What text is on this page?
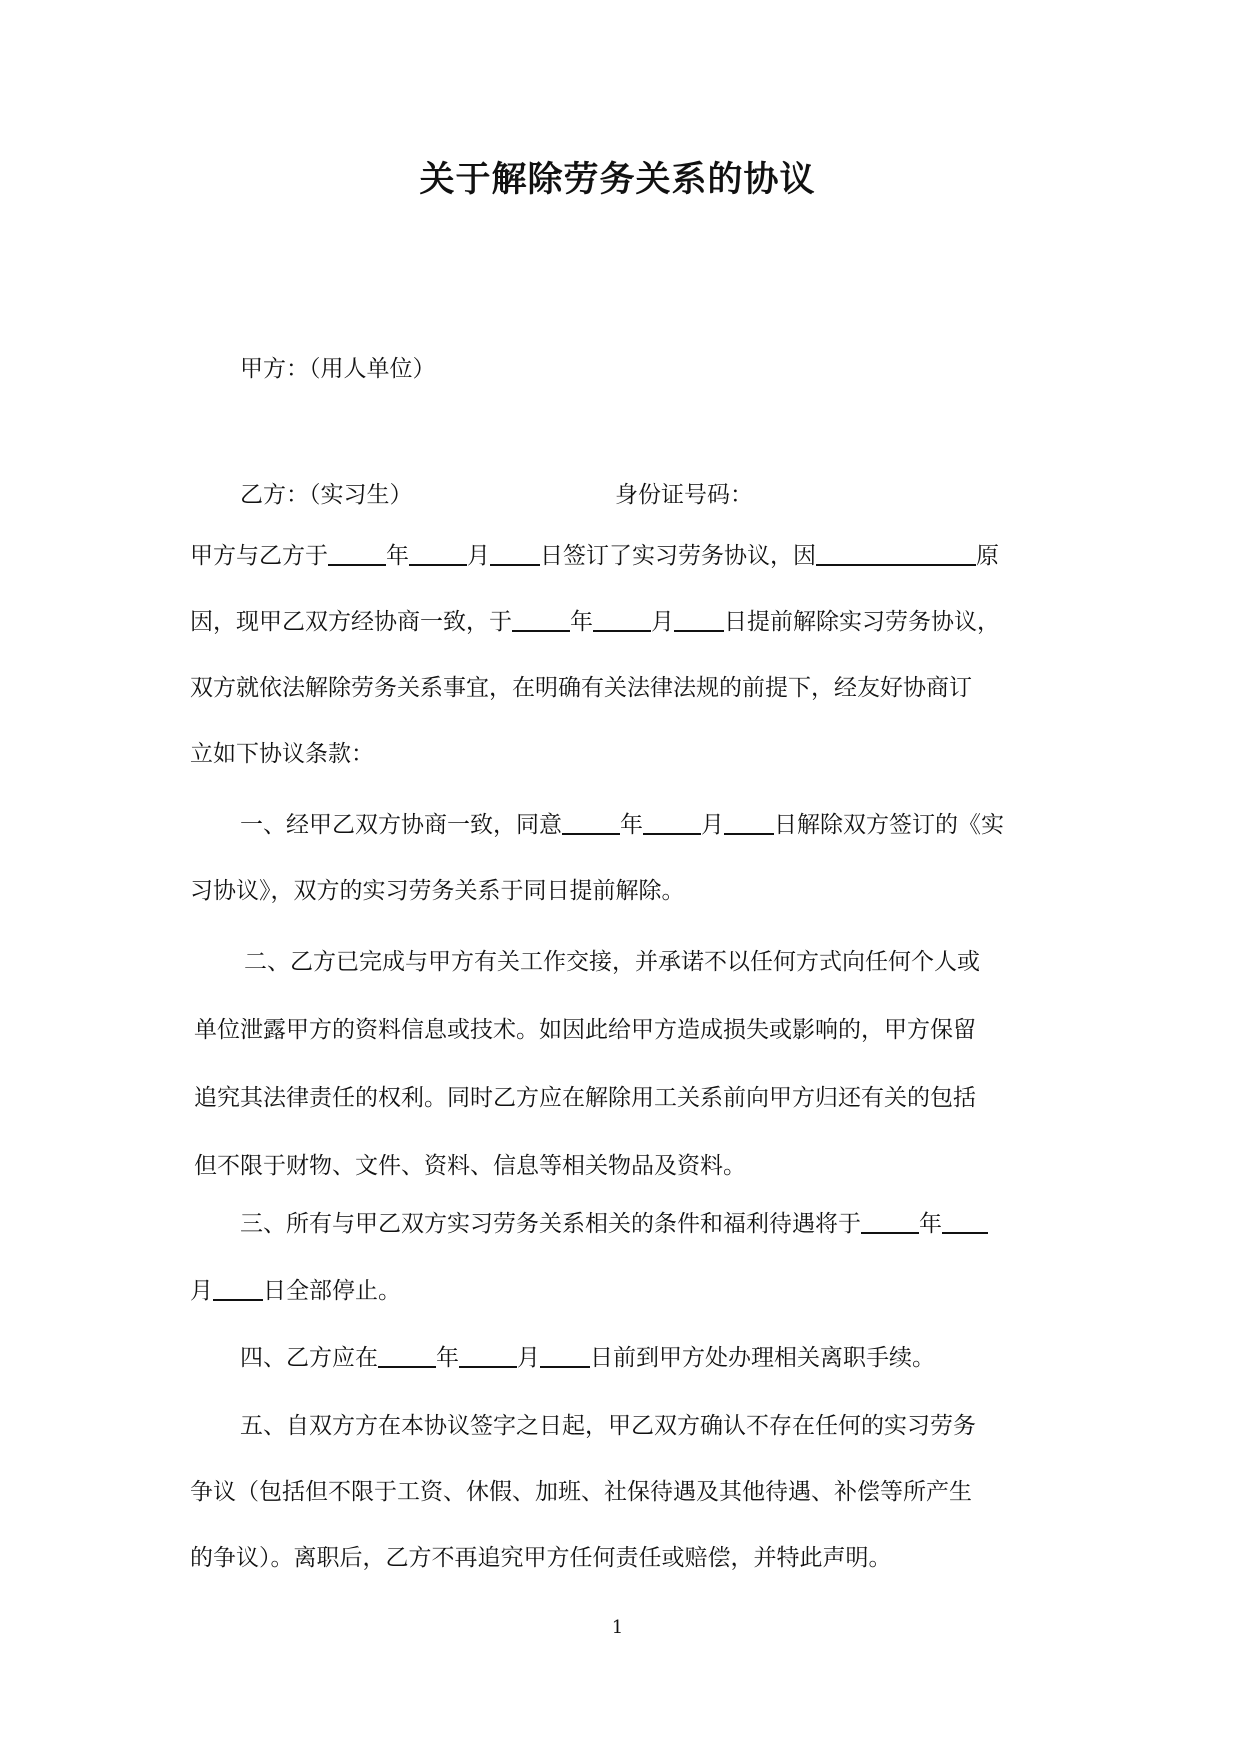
关于解除劳务关系的协议

甲方：（用人单位）

乙方：（实习生）	身份证号码：

甲方与乙方于	年	月 日签订了实习劳务协议，因	原

因，现甲乙双方经协商一致，于	年	月 日提前解除实习劳务协议，

双方就依法解除劳务关系事宜，在明确有关法律法规的前提下，经友好协商订

立如下协议条款：

一、经甲乙双方协商一致，同意	年	月 日解除双方签订的《实

习协议》，双方的实习劳务关系于同日提前解除。

二、乙方已完成与甲方有关工作交接，并承诺不以任何方式向任何个人或

单位泄露甲方的资料信息或技术。如因此给甲方造成损失或影响的，甲方保留

追究其法律责任的权利。同时乙方应在解除用工关系前向甲方归还有关的包括

但不限于财物、文件、资料、信息等相关物品及资料。

三、所有与甲乙双方实习劳务关系相关的条件和福利待遇将于	年

月 日全部停止。

四、乙方应在	年	月 日前到甲方处办理相关离职手续。

五、自双方方在本协议签字之日起，甲乙双方确认不存在任何的实习劳务

争议（包括但不限于工资、休假、加班、社保待遇及其他待遇、补偿等所产生

的争议）。离职后，乙方不再追究甲方任何责任或赔偿，并特此声明。

1
